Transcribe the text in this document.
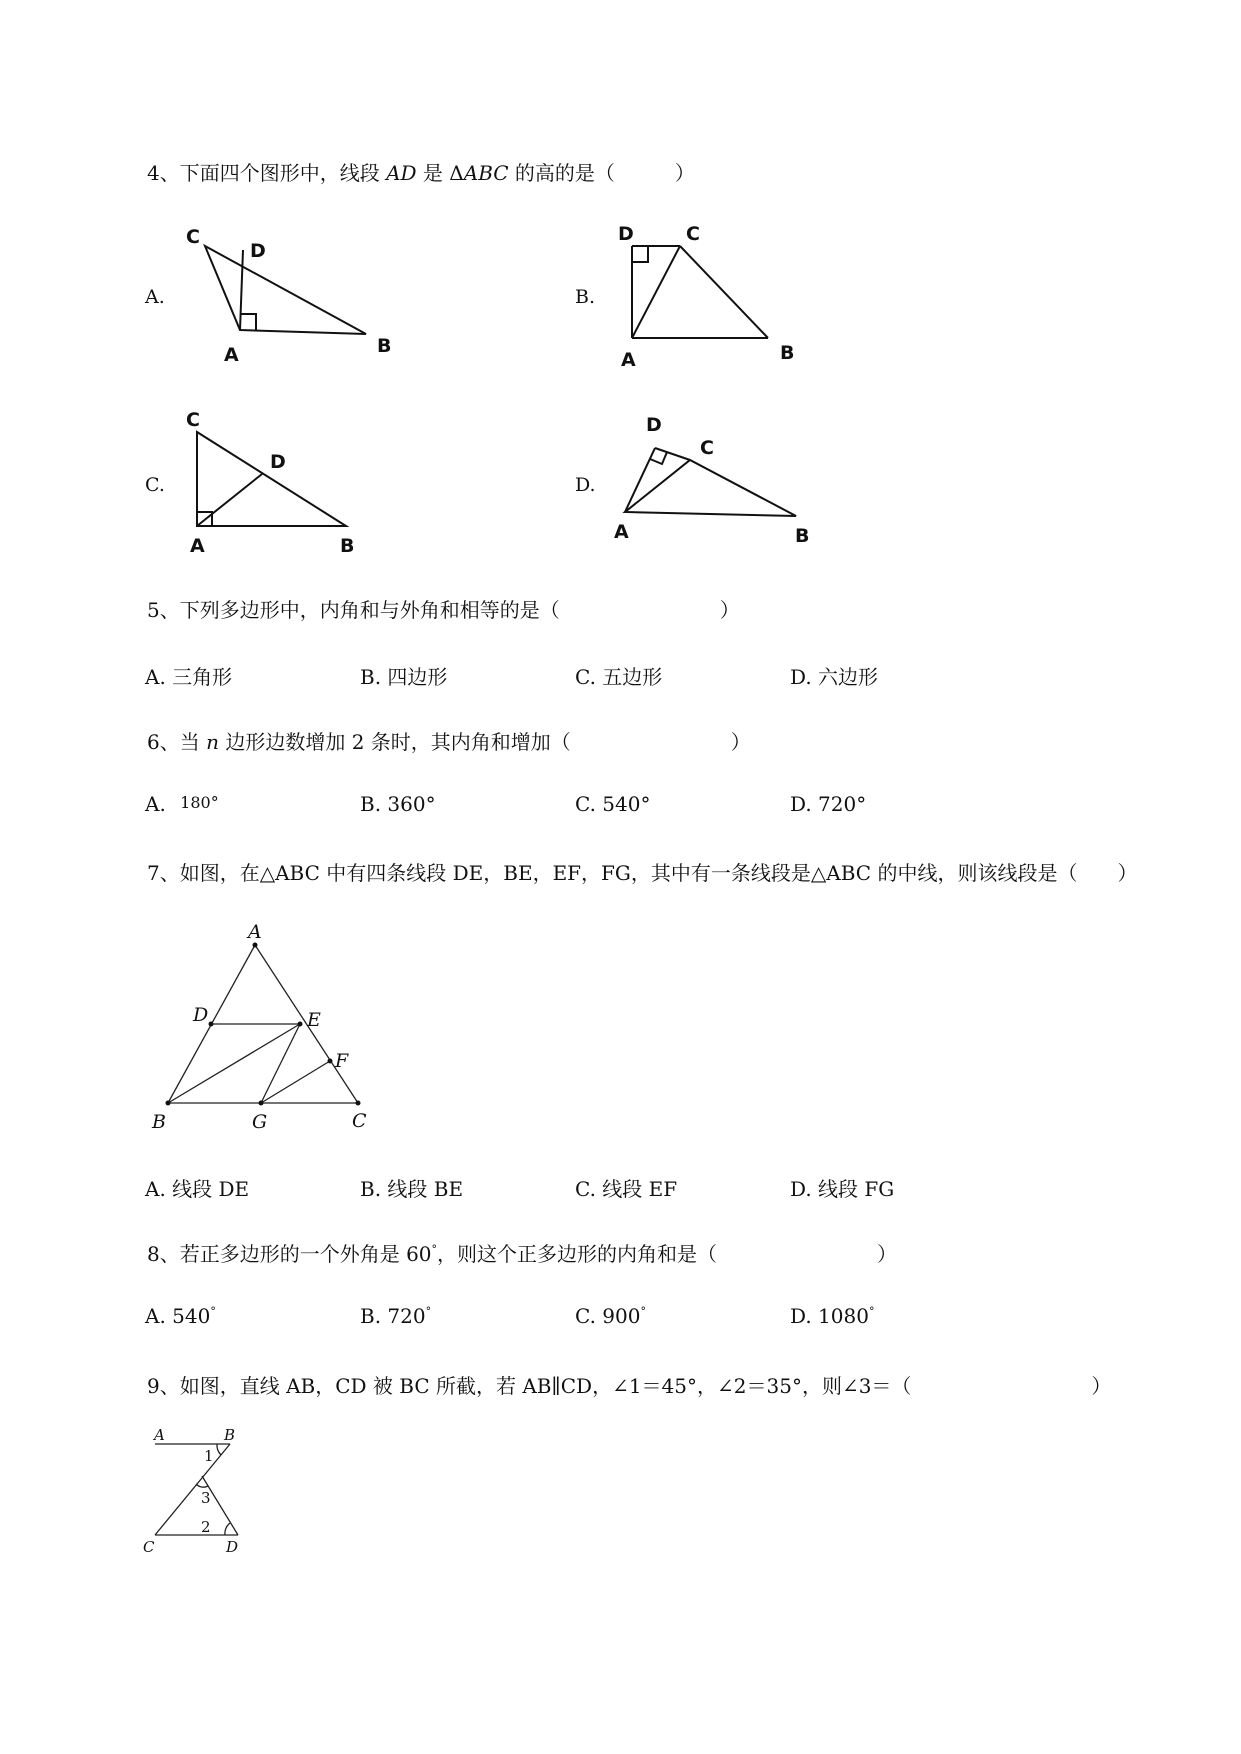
4、下面四个图形中，线段 AD 是 ΔABC 的高的是（　　　）
A.
C
D
A	B
B.
D	C
A	B
C.
C
D
A	B
D.
D
C
A	B
5、下列多边形中，内角和与外角和相等的是（　　　　　　　　）
A. 三角形	B. 四边形	C. 五边形	D. 六边形
6、当 n 边形边数增加 2 条时，其内角和增加（　　　　　　　　）
A. 180°	B. 360°	C. 540°	D. 720°
7、如图，在△ABC 中有四条线段 DE，BE，EF，FG，其中有一条线段是△ABC 的中线，则该线段是（　　）
A
D	E
F
B	G	C
A. 线段 DE	B. 线段 BE	C. 线段 EF	D. 线段 FG
8、若正多边形的一个外角是 60°，则这个正多边形的内角和是（　　　　　　　　）
A. 540°	B. 720°	C. 900°	D. 1080°
9、如图，直线 AB，CD 被 BC 所截，若 AB∥CD，∠1＝45°，∠2＝35°，则∠3＝（　　　　　　　　　）
A	B
1
3
2
C	D
